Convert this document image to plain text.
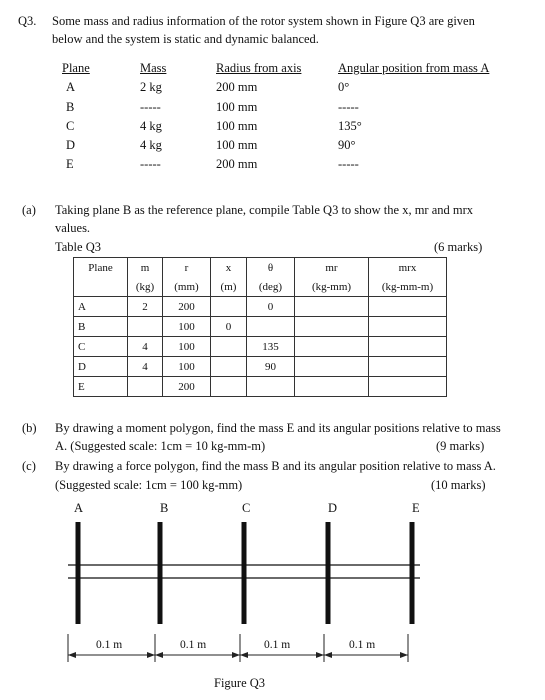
Q3. Some mass and radius information of the rotor system shown in Figure Q3 are given
below and the system is static and dynamic balanced.
Plane	Mass	Radius from axis	Angular position from mass A
A	2 kg	200 mm	0°
B	-----	100 mm	-----
C	4 kg	100 mm	135°
D	4 kg	100 mm	90°
E	-----	200 mm	-----
(a) Taking plane B as the reference plane, compile Table Q3 to show the x, mr and mrx
values.
Table Q3	(6 marks)
Plane	m	r	x	θ	mr	mrx
	(kg)	(mm)	(m)	(deg)	(kg-mm)	(kg-mm-m)
A	2	200		0		
B		100	0			
C	4	100		135		
D	4	100		90		
E		200				
(b) By drawing a moment polygon, find the mass E and its angular positions relative to mass
A. (Suggested scale: 1cm = 10 kg-mm-m)	(9 marks)
(c) By drawing a force polygon, find the mass B and its angular position relative to mass A.
(Suggested scale: 1cm = 100 kg-mm)	(10 marks)
A	B	C	D	E
0.1 m	0.1 m	0.1 m	0.1 m
Figure Q3
